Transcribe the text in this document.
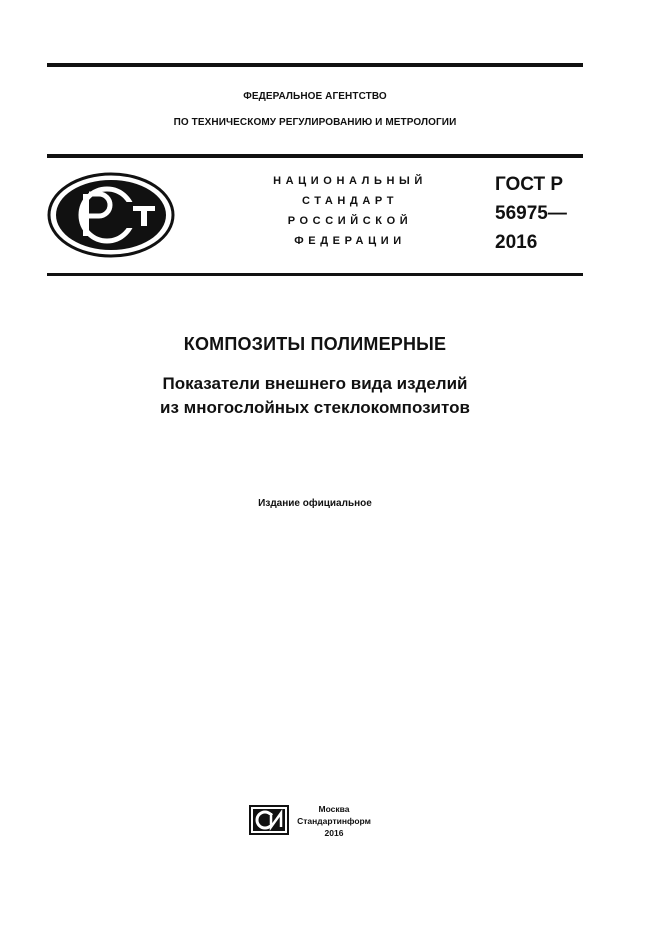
ФЕДЕРАЛЬНОЕ АГЕНТСТВО
ПО ТЕХНИЧЕСКОМУ РЕГУЛИРОВАНИЮ И МЕТРОЛОГИИ
НАЦИОНАЛЬНЫЙ
СТАНДАРТ
РОССИЙСКОЙ
ФЕДЕРАЦИИ
ГОСТ Р
56975—
2016
КОМПОЗИТЫ ПОЛИМЕРНЫЕ
Показатели внешнего вида изделий
из многослойных стеклокомпозитов
Издание официальное
Москва
Стандартинформ
2016
